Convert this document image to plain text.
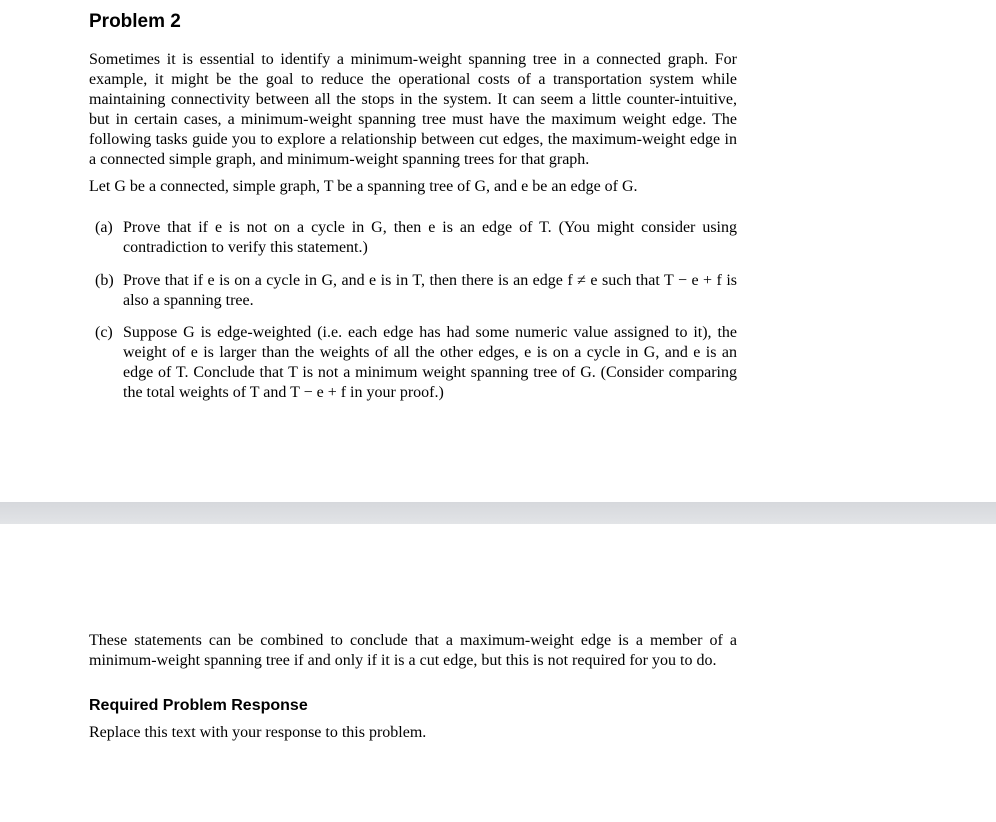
Problem 2

Sometimes it is essential to identify a minimum-weight spanning tree in a connected graph. For example, it might be the goal to reduce the operational costs of a transportation system while maintaining connectivity between all the stops in the system. It can seem a little counter-intuitive, but in certain cases, a minimum-weight spanning tree must have the maximum weight edge. The following tasks guide you to explore a relationship between cut edges, the maximum-weight edge in a connected simple graph, and minimum-weight spanning trees for that graph.

Let G be a connected, simple graph, T be a spanning tree of G, and e be an edge of G.

(a) Prove that if e is not on a cycle in G, then e is an edge of T. (You might consider using contradiction to verify this statement.)
(b) Prove that if e is on a cycle in G, and e is in T, then there is an edge f ≠ e such that T − e + f is also a spanning tree.
(c) Suppose G is edge-weighted (i.e. each edge has had some numeric value assigned to it), the weight of e is larger than the weights of all the other edges, e is on a cycle in G, and e is an edge of T. Conclude that T is not a minimum weight spanning tree of G. (Consider comparing the total weights of T and T − e + f in your proof.)

These statements can be combined to conclude that a maximum-weight edge is a member of a minimum-weight spanning tree if and only if it is a cut edge, but this is not required for you to do.

Required Problem Response

Replace this text with your response to this problem.
